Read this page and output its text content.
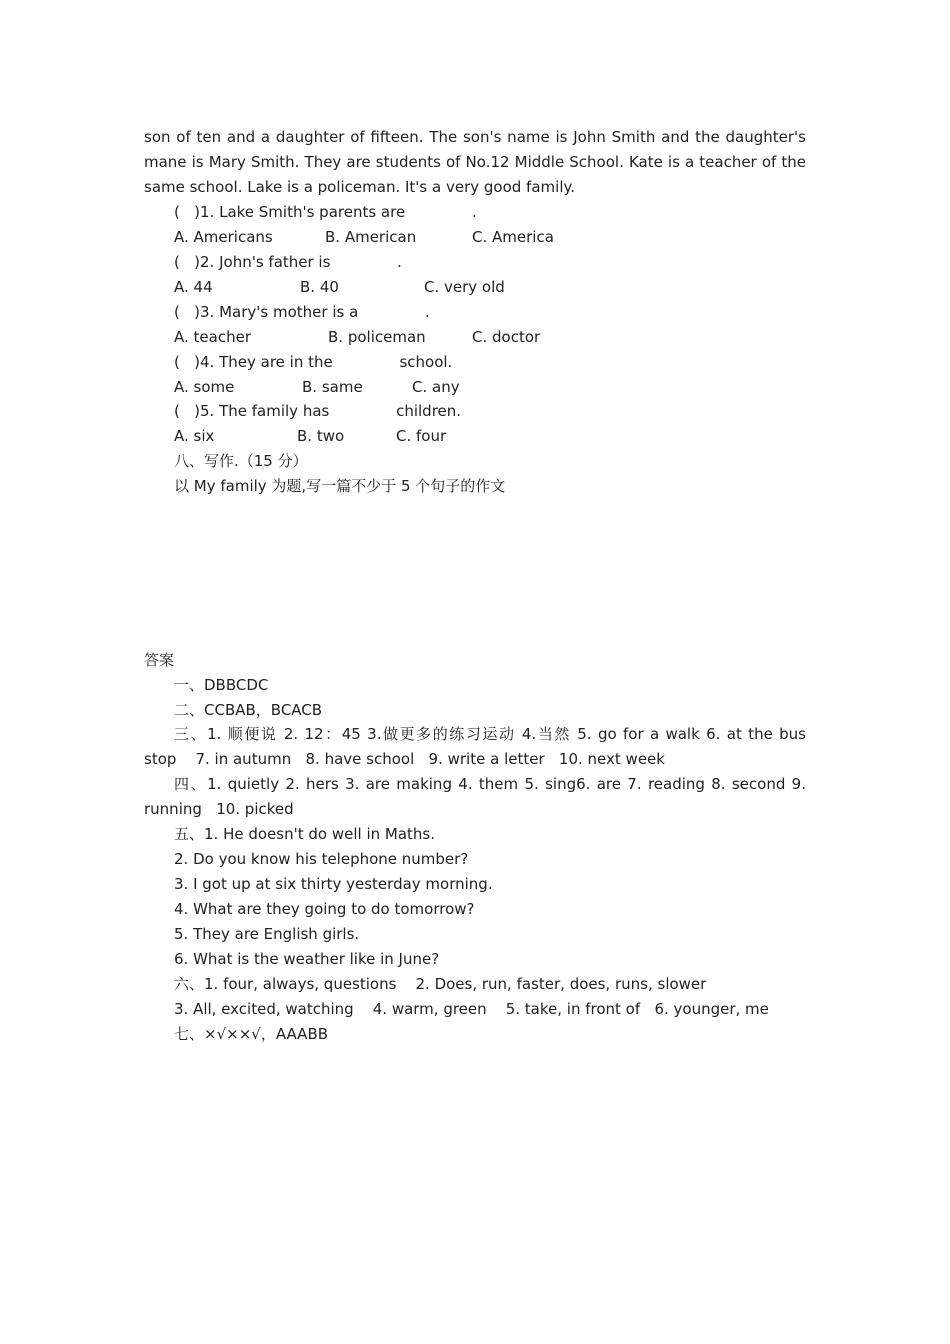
son of ten and a daughter of fifteen. The son's name is John Smith and the daughter's
mane is Mary Smith. They are students of No.12 Middle School. Kate is a teacher of the
same school. Lake is a policeman. It's a very good family.
(   )1. Lake Smith's parents are              .
A. Americans	B. American	C. America
(   )2. John's father is              .
A. 44	B. 40	C. very old
(   )3. Mary's mother is a              .
A. teacher	B. policeman	C. doctor
(   )4. They are in the              school.
A. some	B. same	C. any
(   )5. The family has              children.
A. six	B. two	C. four
八、写作.（15 分）
以 My family 为题,写一篇不少于 5 个句子的作文
答案
一、DBBCDC
二、CCBAB，BCACB
三、1. 顺便说 2. 12：45 3.做更多的练习运动 4.当然 5. go for a walk 6. at the bus
stop    7. in autumn   8. have school   9. write a letter   10. next week
四、1. quietly 2. hers 3. are making 4. them 5. sing6. are 7. reading 8. second 9.
running   10. picked
五、1. He doesn't do well in Maths.
2. Do you know his telephone number?
3. I got up at six thirty yesterday morning.
4. What are they going to do tomorrow?
5. They are English girls.
6. What is the weather like in June?
六、1. four, always, questions    2. Does, run, faster, does, runs, slower
3. All, excited, watching    4. warm, green    5. take, in front of   6. younger, me
七、×√××√，AAABB
